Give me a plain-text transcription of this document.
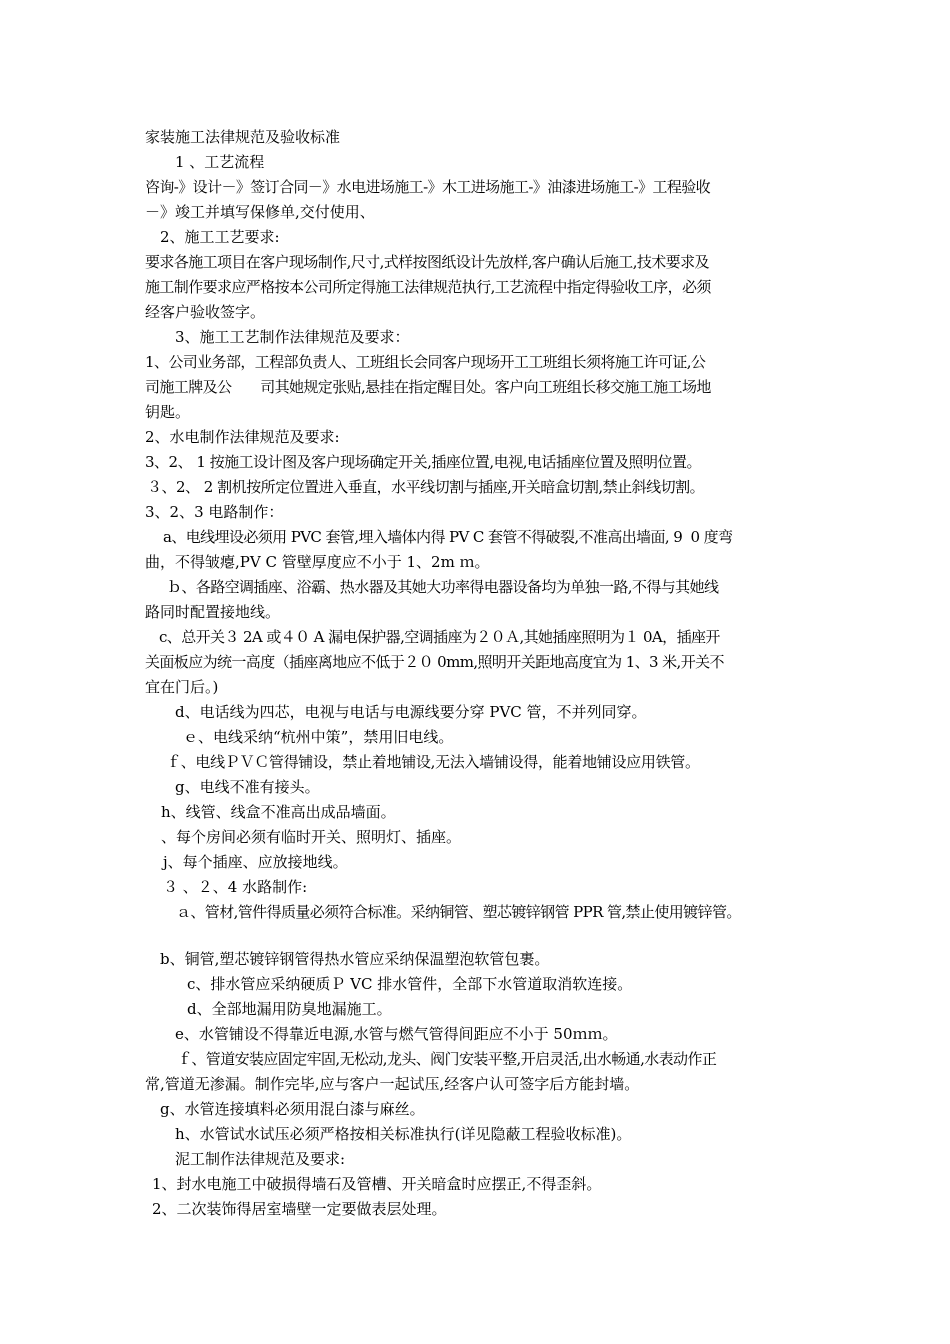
家装施工法律规范及验收标准
1 、工艺流程
咨询-》设计－》签订合同－》水电进场施工-》木工进场施工-》油漆进场施工-》工程验收
－》竣工并填写保修单,交付使用、
2、施工工艺要求:
要求各施工项目在客户现场制作,尺寸,式样按图纸设计先放样,客户确认后施工,技术要求及
施工制作要求应严格按本公司所定得施工法律规范执行,工艺流程中指定得验收工序，必须
经客户验收签字。
3、施工工艺制作法律规范及要求：
1、公司业务部，工程部负责人、工班组长会同客户现场开工工班组长须将施工许可证,公
司施工牌及公　　司其她规定张贴,悬挂在指定醒目处。客户向工班组长移交施工施工场地
钥匙。
2、水电制作法律规范及要求:
3、2、 1 按施工设计图及客户现场确定开关,插座位置,电视,电话插座位置及照明位置。
３、2、 2 割机按所定位置进入垂直，水平线切割与插座,开关暗盒切割,禁止斜线切割。
3、2、3 电路制作：
a、电线埋设必须用 PVC 套管,埋入墙体内得 PV C 套管不得破裂,不准高出墙面, 9  0 度弯
曲，不得皱瘪,PV C 管壁厚度应不小于 1、2m ｍ。
ｂ、各路空调插座、浴霸、热水器及其她大功率得电器设备均为单独一路,不得与其她线
路同时配置接地线。
c、总开关３ 2A 或４０ A 漏电保护器,空调插座为２０Ａ,其她插座照明为１ 0A，插座开
关面板应为统一高度（插座离地应不低于２０ 0mm,照明开关距地高度宜为 1、3 米,开关不
宜在门后。)
d、电话线为四芯，电视与电话与电源线要分穿 PVC 管，不并列同穿。
ｅ、电线采纳“杭州中策”，禁用旧电线。
ｆ、电线ＰＶＣ管得铺设，禁止着地铺设,无法入墙铺设得，能着地铺设应用铁管。
g、电线不准有接头。
h、线管、线盒不准高出成品墙面。
、每个房间必须有临时开关、照明灯、插座。
j、每个插座、应放接地线。
３ 、２、4 水路制作:
ａ、管材,管件得质量必须符合标准。采纳铜管、塑芯镀锌钢管 PPR 管,禁止使用镀锌管。
b、铜管,塑芯镀锌钢管得热水管应采纳保温塑泡软管包裹。
c、排水管应采纳硬质Ｐ VC 排水管件，全部下水管道取消软连接。
d、全部地漏用防臭地漏施工。
e、水管铺设不得靠近电源,水管与燃气管得间距应不小于 50ｍｍ。
ｆ、管道安装应固定牢固,无松动,龙头、阀门安装平整,开启灵活,出水畅通,水表动作正
常,管道无渗漏。制作完毕,应与客户一起试压,经客户认可签字后方能封墙。
g、水管连接填料必须用混白漆与麻丝。
h、水管试水试压必须严格按相关标准执行(详见隐蔽工程验收标准)。
泥工制作法律规范及要求:
1、封水电施工中破损得墙石及管槽、开关暗盒时应摆正,不得歪斜。
2、二次装饰得居室墙壁一定要做表层处理。
